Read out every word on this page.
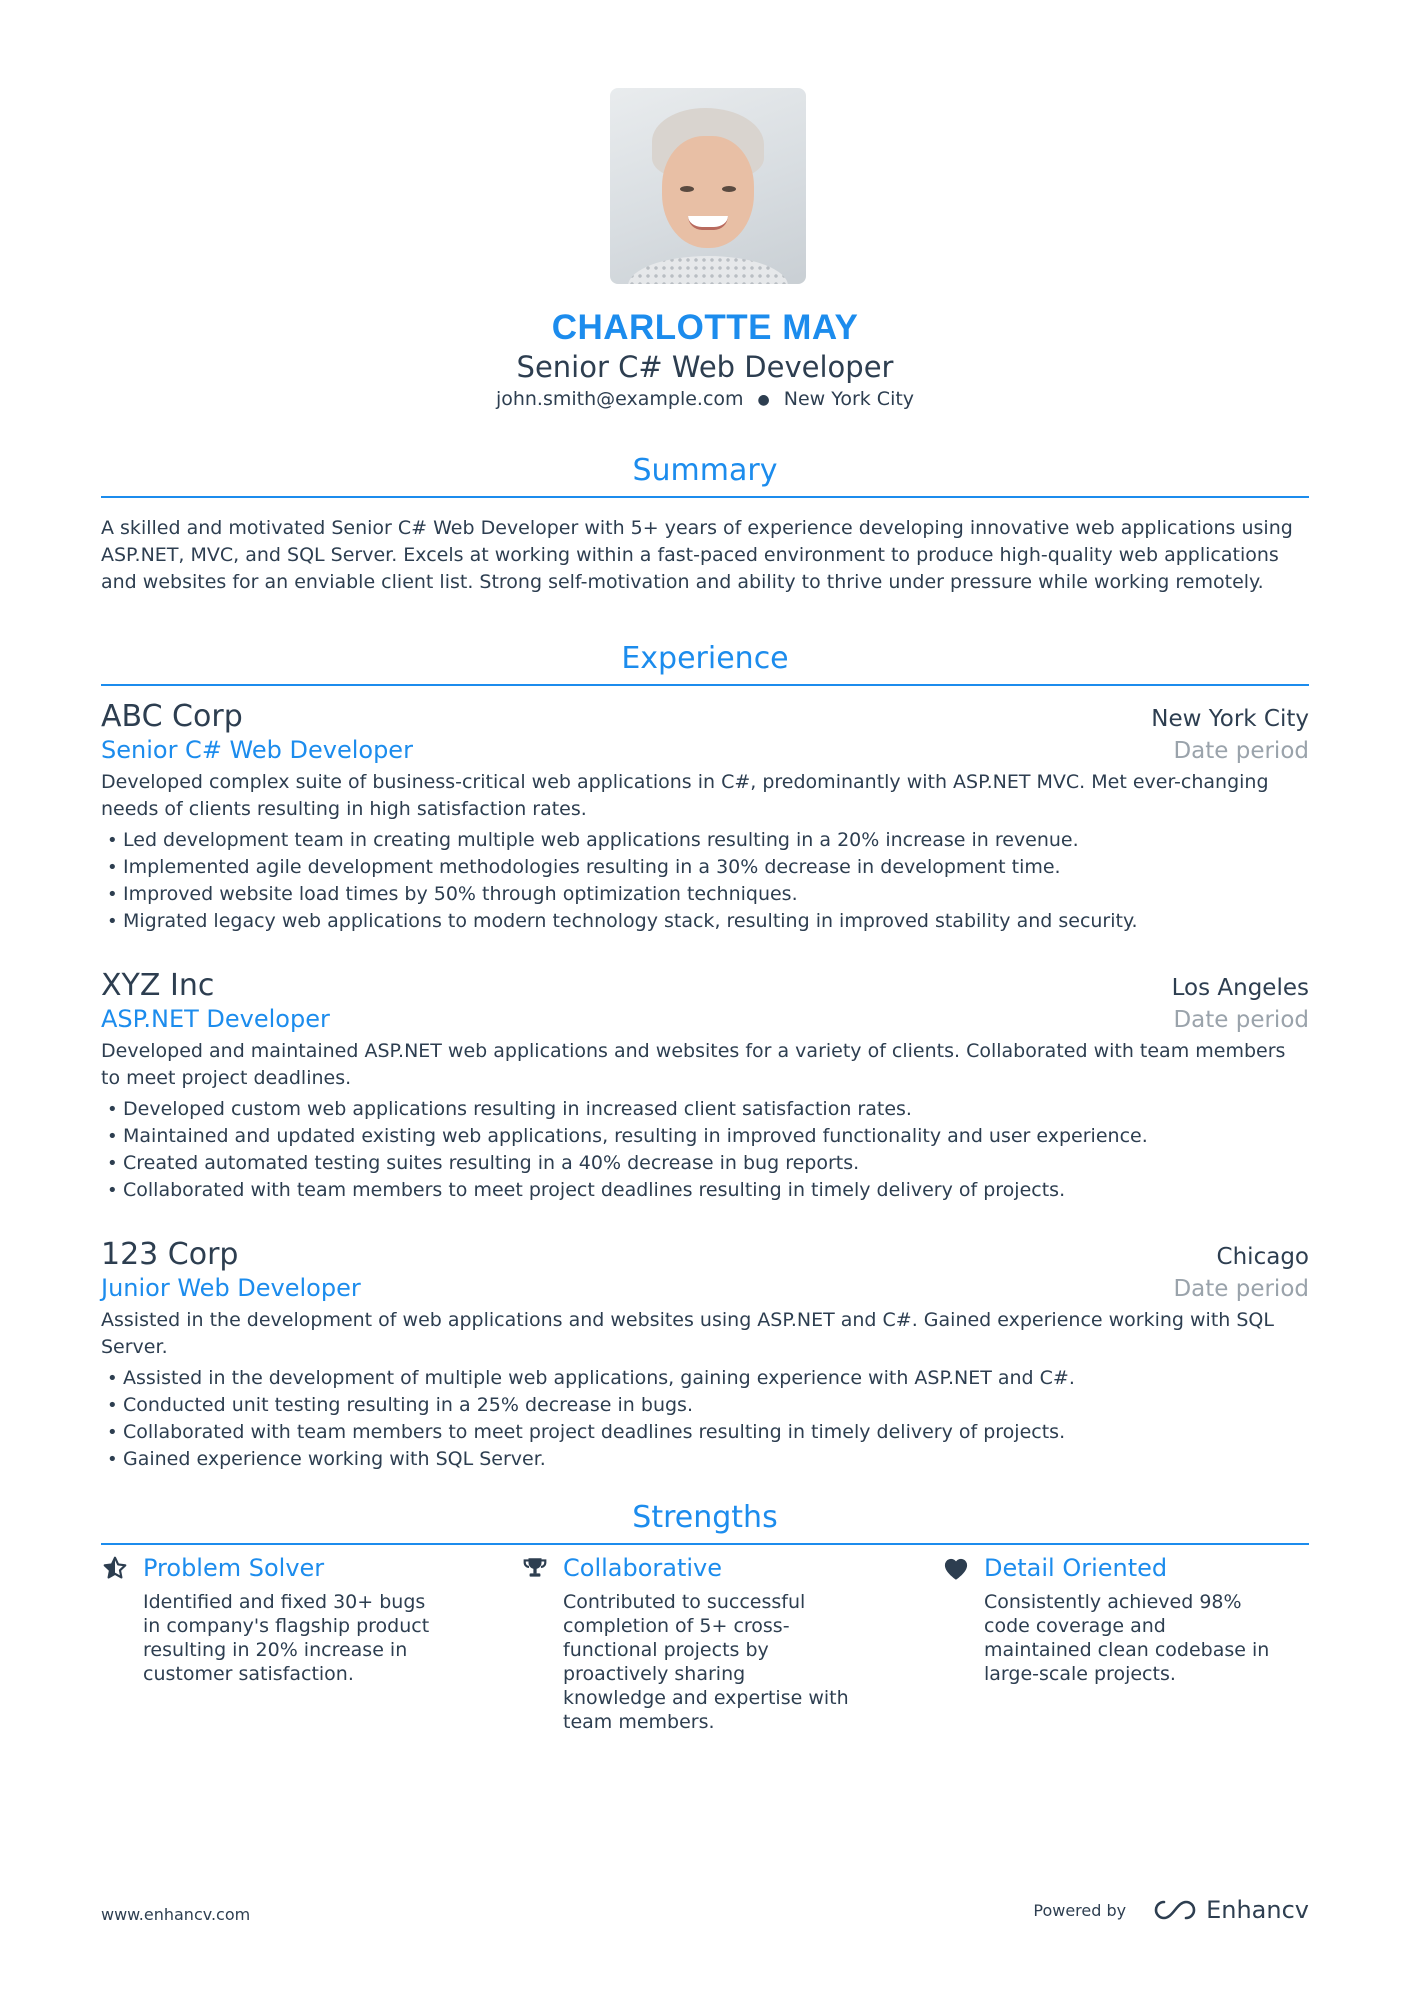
CHARLOTTE MAY
Senior C# Web Developer
john.smith@example.com ● New York City
Summary
A skilled and motivated Senior C# Web Developer with 5+ years of experience developing innovative web applications using ASP.NET, MVC, and SQL Server. Excels at working within a fast-paced environment to produce high-quality web applications and websites for an enviable client list. Strong self-motivation and ability to thrive under pressure while working remotely.
Experience
ABC Corp	New York City
Senior C# Web Developer	Date period
Developed complex suite of business-critical web applications in C#, predominantly with ASP.NET MVC. Met ever-changing needs of clients resulting in high satisfaction rates.
• Led development team in creating multiple web applications resulting in a 20% increase in revenue.
• Implemented agile development methodologies resulting in a 30% decrease in development time.
• Improved website load times by 50% through optimization techniques.
• Migrated legacy web applications to modern technology stack, resulting in improved stability and security.
XYZ Inc	Los Angeles
ASP.NET Developer	Date period
Developed and maintained ASP.NET web applications and websites for a variety of clients. Collaborated with team members to meet project deadlines.
• Developed custom web applications resulting in increased client satisfaction rates.
• Maintained and updated existing web applications, resulting in improved functionality and user experience.
• Created automated testing suites resulting in a 40% decrease in bug reports.
• Collaborated with team members to meet project deadlines resulting in timely delivery of projects.
123 Corp	Chicago
Junior Web Developer	Date period
Assisted in the development of web applications and websites using ASP.NET and C#. Gained experience working with SQL Server.
• Assisted in the development of multiple web applications, gaining experience with ASP.NET and C#.
• Conducted unit testing resulting in a 25% decrease in bugs.
• Collaborated with team members to meet project deadlines resulting in timely delivery of projects.
• Gained experience working with SQL Server.
Strengths
Problem Solver
Identified and fixed 30+ bugs in company's flagship product resulting in 20% increase in customer satisfaction.
Collaborative
Contributed to successful completion of 5+ cross-functional projects by proactively sharing knowledge and expertise with team members.
Detail Oriented
Consistently achieved 98% code coverage and maintained clean codebase in large-scale projects.
www.enhancv.com	Powered by	Enhancv
